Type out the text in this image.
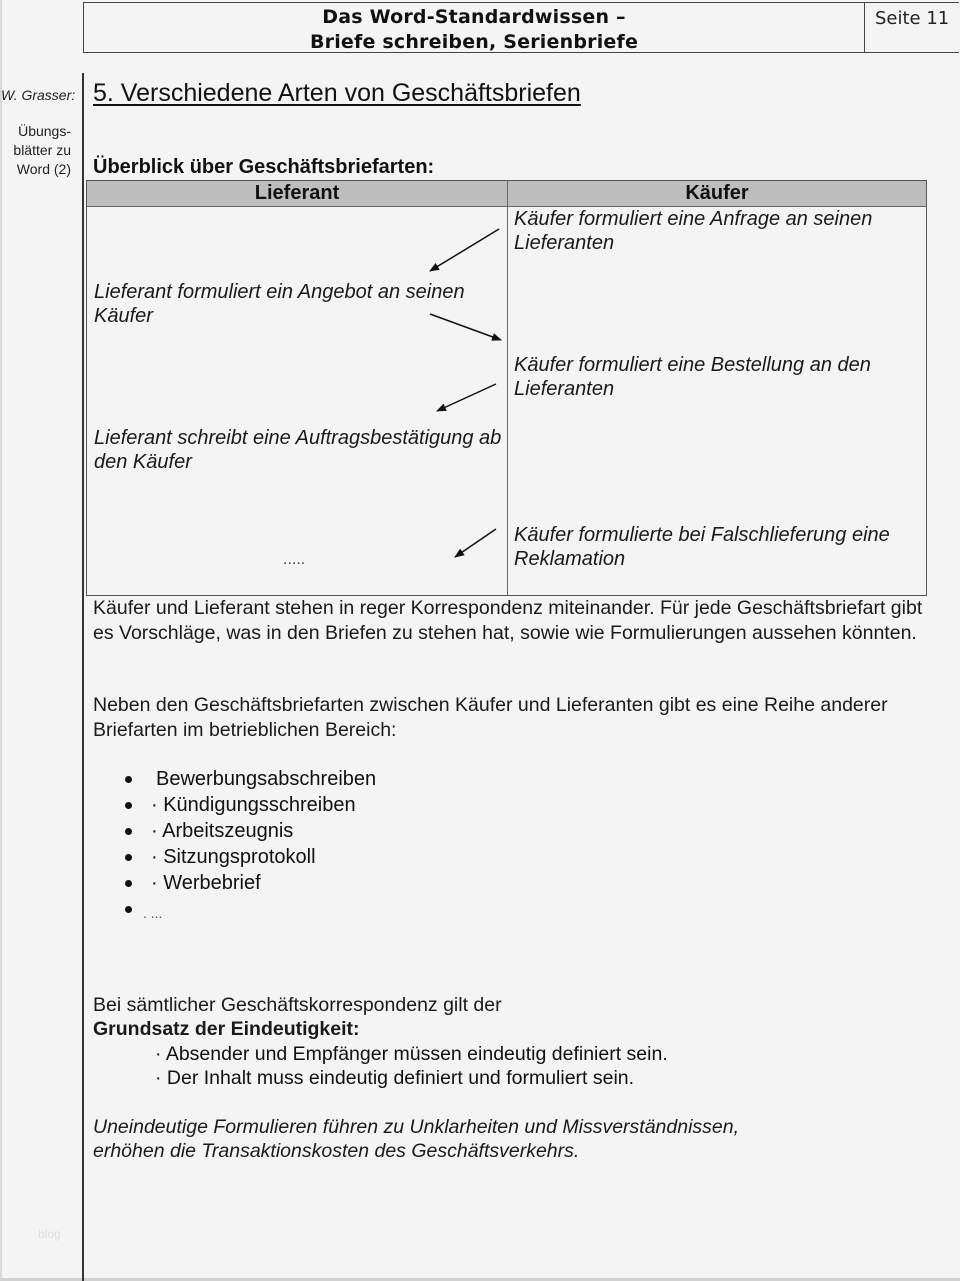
Das Word-Standardwissen –
Briefe schreiben, Serienbriefe
Seite 11
W. Grasser:
Übungs-
blätter zu
Word (2)
blog
5. Verschiedene Arten von Geschäftsbriefen
Überblick über Geschäftsbriefarten:
Lieferant	Käufer
Käufer formuliert eine Anfrage an seinen Lieferanten
Lieferant formuliert ein Angebot an seinen Käufer
Käufer formuliert eine Bestellung an den Lieferanten
Lieferant schreibt eine Auftragsbestätigung ab den Käufer
Käufer formulierte bei Falschlieferung eine Reklamation
.....
Käufer und Lieferant stehen in reger Korrespondenz miteinander. Für jede Geschäftsbriefart gibt es Vorschläge, was in den Briefen zu stehen hat, sowie wie Formulierungen aussehen könnten.
Neben den Geschäftsbriefarten zwischen Käufer und Lieferanten gibt es eine Reihe anderer Briefarten im betrieblichen Bereich:
Bewerbungsabschreiben
· Kündigungsschreiben
· Arbeitszeugnis
· Sitzungsprotokoll
· Werbebrief
. ...
Bei sämtlicher Geschäftskorrespondenz gilt der
Grundsatz der Eindeutigkeit:
· Absender und Empfänger müssen eindeutig definiert sein.
· Der Inhalt muss eindeutig definiert und formuliert sein.
Uneindeutige Formulieren führen zu Unklarheiten und Missverständnissen,
erhöhen die Transaktionskosten des Geschäftsverkehrs.
